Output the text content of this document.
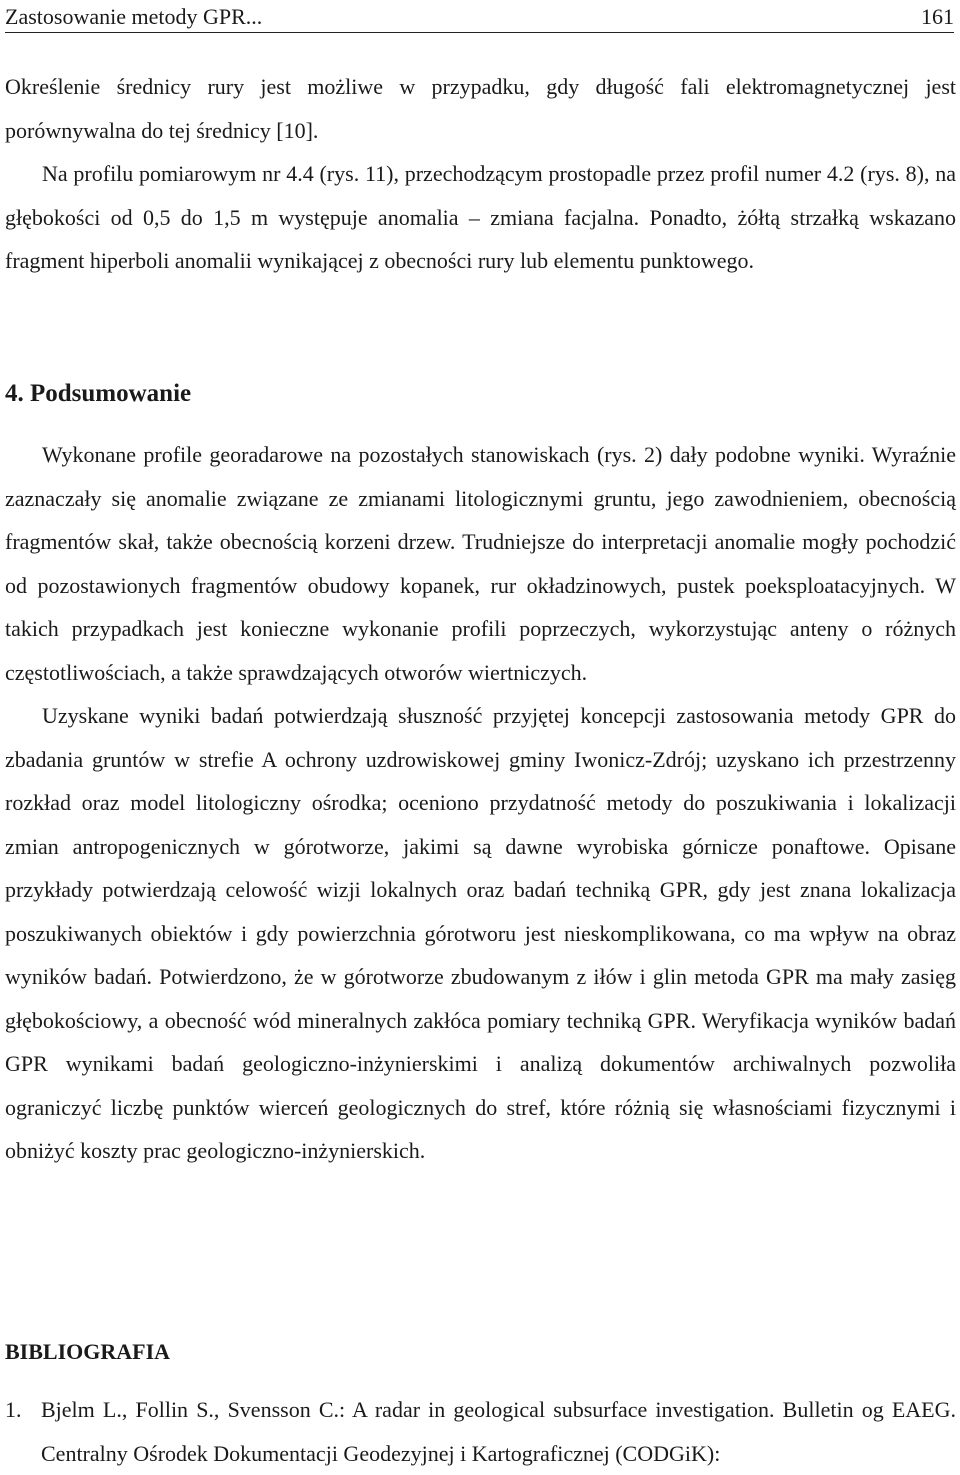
Zastosowanie metody GPR...	161

Określenie średnicy rury jest możliwe w przypadku, gdy długość fali elektromagnetycznej jest porównywalna do tej średnicy [10].

Na profilu pomiarowym nr 4.4 (rys. 11), przechodzącym prostopadle przez profil numer 4.2 (rys. 8), na głębokości od 0,5 do 1,5 m występuje anomalia – zmiana facjalna. Ponadto, żółtą strzałką wskazano fragment hiperboli anomalii wynikającej z obecności rury lub elementu punktowego.

4. Podsumowanie

Wykonane profile georadarowe na pozostałych stanowiskach (rys. 2) dały podobne wyniki. Wyraźnie zaznaczały się anomalie związane ze zmianami litologicznymi gruntu, jego zawodnieniem, obecnością fragmentów skał, także obecnością korzeni drzew. Trudniejsze do interpretacji anomalie mogły pochodzić od pozostawionych fragmentów obudowy kopanek, rur okładzinowych, pustek poeksploatacyjnych. W takich przypadkach jest konieczne wykonanie profili poprzeczych, wykorzystując anteny o różnych częstotliwościach, a także sprawdzających otworów wiertniczych.

Uzyskane wyniki badań potwierdzają słuszność przyjętej koncepcji zastosowania metody GPR do zbadania gruntów w strefie A ochrony uzdrowiskowej gminy Iwonicz-Zdrój; uzyskano ich przestrzenny rozkład oraz model litologiczny ośrodka; oceniono przydatność metody do poszukiwania i lokalizacji zmian antropogenicznych w górotworze, jakimi są dawne wyrobiska górnicze ponaftowe. Opisane przykłady potwierdzają celowość wizji lokalnych oraz badań techniką GPR, gdy jest znana lokalizacja poszukiwanych obiektów i gdy powierzchnia górotworu jest nieskomplikowana, co ma wpływ na obraz wyników badań. Potwierdzono, że w górotworze zbudowanym z iłów i glin metoda GPR ma mały zasięg głębokościowy, a obecność wód mineralnych zakłóca pomiary techniką GPR. Weryfikacja wyników badań GPR wynikami badań geologiczno-inżynierskimi i analizą dokumentów archiwalnych pozwoliła ograniczyć liczbę punktów wierceń geologicznych do stref, które różnią się własnościami fizycznymi i obniżyć koszty prac geologiczno-inżynierskich.

BIBLIOGRAFIA
1. Bjelm L., Follin S., Svensson C.: A radar in geological subsurface investigation. Bulletin og EAEG. Centralny Ośrodek Dokumentacji Geodezyjnej i Kartograficznej (CODGiK):
